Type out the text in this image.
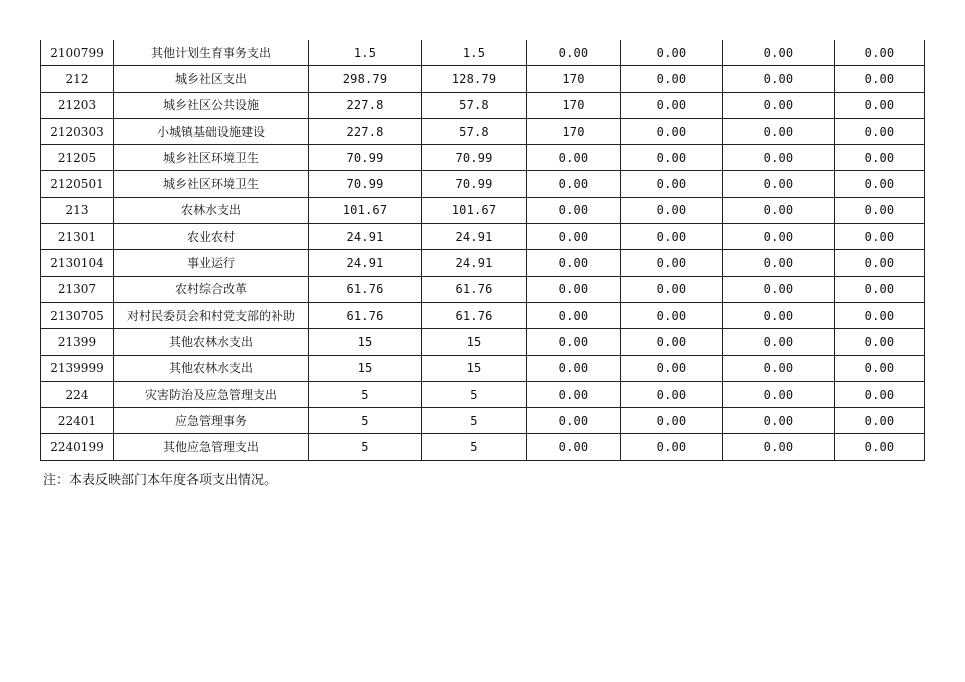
2100799	其他计划生育事务支出	1.5	1.5	0.00	0.00	0.00	0.00
212	城乡社区支出	298.79	128.79	170	0.00	0.00	0.00
21203	城乡社区公共设施	227.8	57.8	170	0.00	0.00	0.00
2120303	小城镇基础设施建设	227.8	57.8	170	0.00	0.00	0.00
21205	城乡社区环境卫生	70.99	70.99	0.00	0.00	0.00	0.00
2120501	城乡社区环境卫生	70.99	70.99	0.00	0.00	0.00	0.00
213	农林水支出	101.67	101.67	0.00	0.00	0.00	0.00
21301	农业农村	24.91	24.91	0.00	0.00	0.00	0.00
2130104	事业运行	24.91	24.91	0.00	0.00	0.00	0.00
21307	农村综合改革	61.76	61.76	0.00	0.00	0.00	0.00
2130705	对村民委员会和村党支部的补助	61.76	61.76	0.00	0.00	0.00	0.00
21399	其他农林水支出	15	15	0.00	0.00	0.00	0.00
2139999	其他农林水支出	15	15	0.00	0.00	0.00	0.00
224	灾害防治及应急管理支出	5	5	0.00	0.00	0.00	0.00
22401	应急管理事务	5	5	0.00	0.00	0.00	0.00
2240199	其他应急管理支出	5	5	0.00	0.00	0.00	0.00
注：本表反映部门本年度各项支出情况。
